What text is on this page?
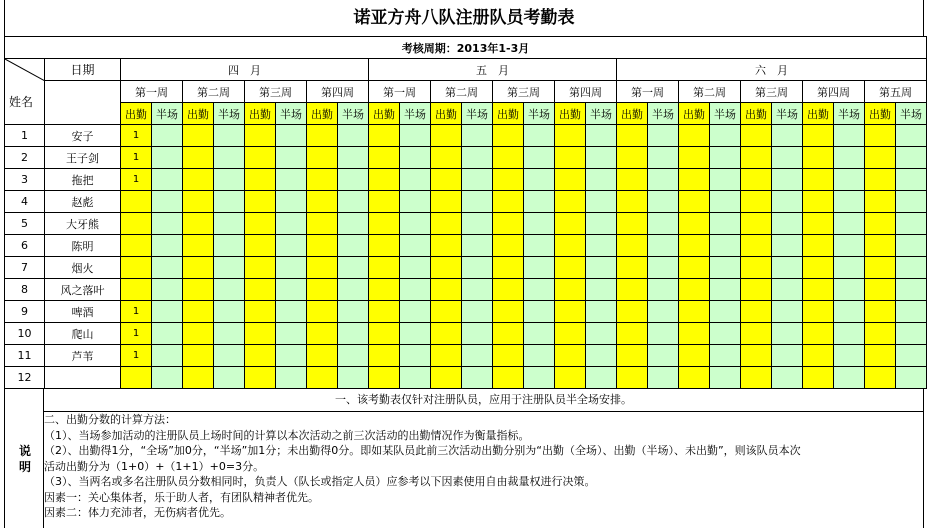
诺亚方舟八队注册队员考勤表
考核周期：2013年1-3月																											

姓名	日期	四　月								五　月								六　月									
		第一周		第二周		第三周		第四周		第一周		第二周		第三周		第四周		第一周		第二周		第三周		第四周		第五周	
		出勤	半场	出勤	半场	出勤	半场	出勤	半场	出勤	半场	出勤	半场	出勤	半场	出勤	半场	出勤	半场	出勤	半场	出勤	半场	出勤	半场	出勤	半场
1	安子	1																									
2	王子剑	1																									
3	拖把	1																									
4	赵彪																										
5	大牙熊																										
6	陈明																										
7	烟火																										
8	风之落叶																										
9	啤酒	1																									
10	爬山	1																									
11	芦苇	1																									
12																											
说明
一、该考勤表仅针对注册队员，应用于注册队员半全场安排。
二、出勤分数的计算方法：
（1）、当场参加活动的注册队员上场时间的计算以本次活动之前三次活动的出勤情况作为衡量指标。
（2）、出勤得1分，“全场”加0分，“半场”加1分；未出勤得0分。即如某队员此前三次活动出勤分别为“出勤（全场）、出勤（半场）、未出勤”，则该队员本次
活动出勤分为（1+0）+（1+1）+0=3分。
（3）、当两名或多名注册队员分数相同时，负责人（队长或指定人员）应参考以下因素使用自由裁量权进行决策。
因素一：关心集体者，乐于助人者，有团队精神者优先。
因素二：体力充沛者，无伤病者优先。
